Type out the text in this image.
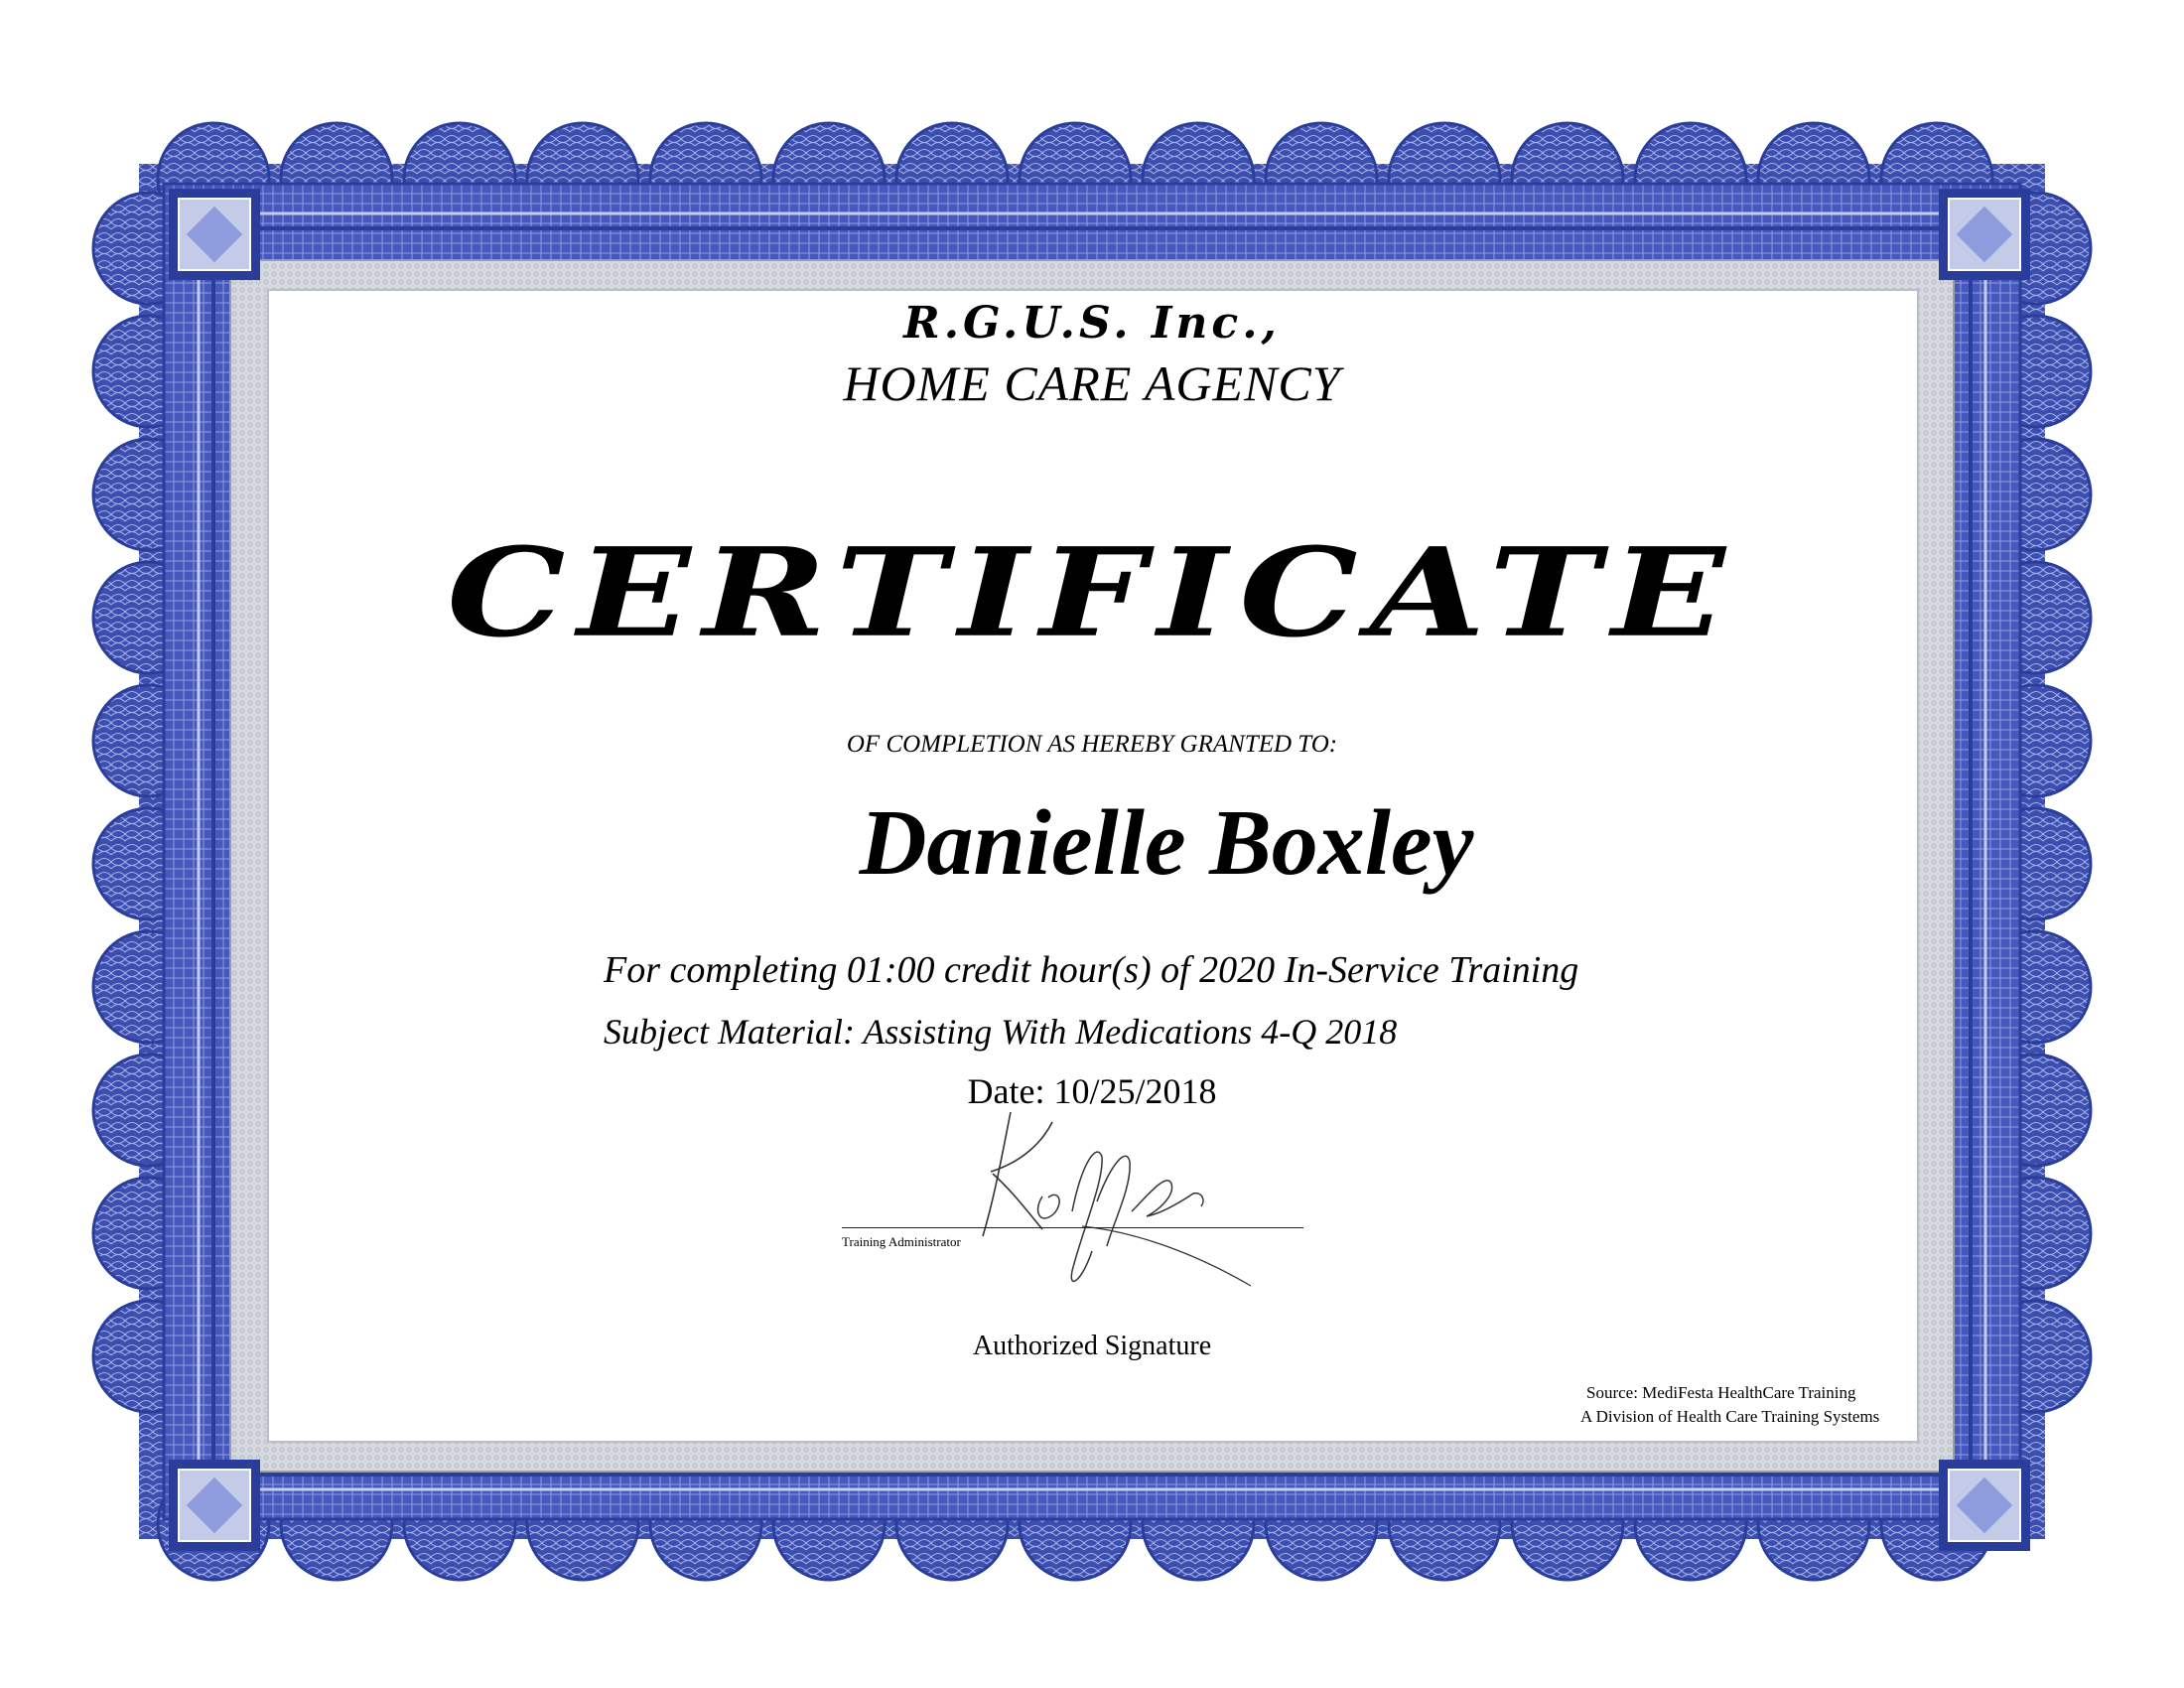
R.G.U.S. Inc.,
HOME CARE AGENCY
CERTIFICATE
OF COMPLETION AS HEREBY GRANTED TO:
Danielle Boxley
For completing 01:00 credit hour(s) of 2020 In-Service Training
Subject Material: Assisting With Medications 4-Q 2018
Date: 10/25/2018
Training Administrator
Authorized Signature
Source: MediFesta HealthCare Training
A Division of Health Care Training Systems
